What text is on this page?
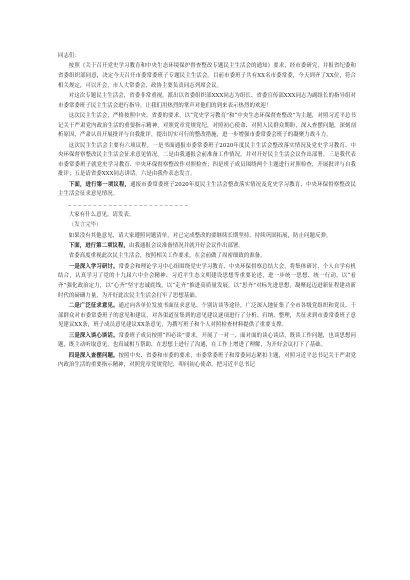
同志们：

按照《关于召开党史学习教育和中央生态环境保护督查整改专题民主生活会的通知》要求，经市委研究，并报省纪委和省委组织部同意，决定今天召开市委常委班子专题民主生活会。目前市委班子共有XX名市委常委，今天到齐了XX位，符合相关规定，可以开会，市人大常委会、政协主要负责同志列席会议。

对这次专题民主生活会，省委非常重视，派出以省委组织部XXX同志为组长、省委宣传部XXX同志为副组长的指导组对市委常委班子民主生活会进行指导。让我们用热烈的掌声对他们的到来表示热烈的欢迎！

这次民主生活会，严格按照中央、省委的要求，以“党史学习教育”和“中央生态环保督查整改”为主题，对照习近平总书记关于严肃党内政治生活的重要指示精神，对照党章党规党纪，对照初心使命、对照人民群众期盼，深入查摆问题，深刻剖析原因，严肃认真开展批评与自我批评，提出切实可行的整改措施，进一步增强市委常委会班子的凝聚力战斗力。

这次民主生活会主要有六项议程。一是书面通报市委常委班子2020年度民主生活会整改落实情况及党史学习教育、中央环保督察整改民主生活会征求意见情况。二是由我通报会前准备工作情况，并对开好民主生活会议作出部署。三是我代表市委常委班子就党史学习教育、中央环保督察整改作对照检查；四是班子成员围绕两个主题进行对照检查，开展批评与自我批评；五是请省委XXX同志讲话。六是由我作表态发言。

下面，进行第一项议程，通报市委常委班子2020年度民主生活会整改落实情况及党史学习教育、中央环保督察整改民主生活会征求意见情况。

大家有什么意见，请发表。

（发言完毕）

如果没有其他意见，请大家遵照问题清单，对已完成整改的要继续长期坚持、持续巩固拓展，防止问题反弹。

下面，进行第二项议程，由我通报会议准备情况并就开好会议作出部署。

省委高度重视此次民主生活会，按照相关工作要求，在会前做了周密细致的准备。

一是深入学习研讨。常委会和理论学习中心组围绕党史学习教育、中央环保督察总结大会，将集体研讨、个人自学有机结合，认真学习了党的十九届六中全会精神、习近平生态文明建设思想等重要论述，进一步统一思想、统一行动，以“看齐”强化政治定力，以“心齐”坚守忠诚底线，以“走齐”推进高质量发展，以“思齐”对标先进思想，凝聚起迈进新征程建功新时代的磅礴力量，为开好此次民主生活会打牢了思想基础。

二是广泛征求意见。通过向各单位发放书面征求意见、个别访谈等途径，广泛深入地征集了全市各级党组织和党员、干部群众对市委常委班子的意见和建议，对各渠道征集到的意见建议逐项进行了分析、归纳、整理，共征求到市委常委班子意见建议XX条，班子成员意见建议XX条意见，为撰写班子和个人对照检查材料提供了重要支撑。

三是深入谈心谈话。常委班子成员按照“四必谈”要求，开展了一对一、面对面的谈心谈话，既谈工作问题，也谈思想问题，既主动听取意见，也真诚相互帮助，在思想上进行了沟通，在工作上增进了理解，为开好会议打下了基础。

四是深入查摆问题。按照中央、省委和市委的要求，市委常委班子和常委同志紧扣主题，对照习近平总书记关于严肃党内政治生活的重要指示精神，对照党章党规党纪，叩问初心使命。把习近平总书记
